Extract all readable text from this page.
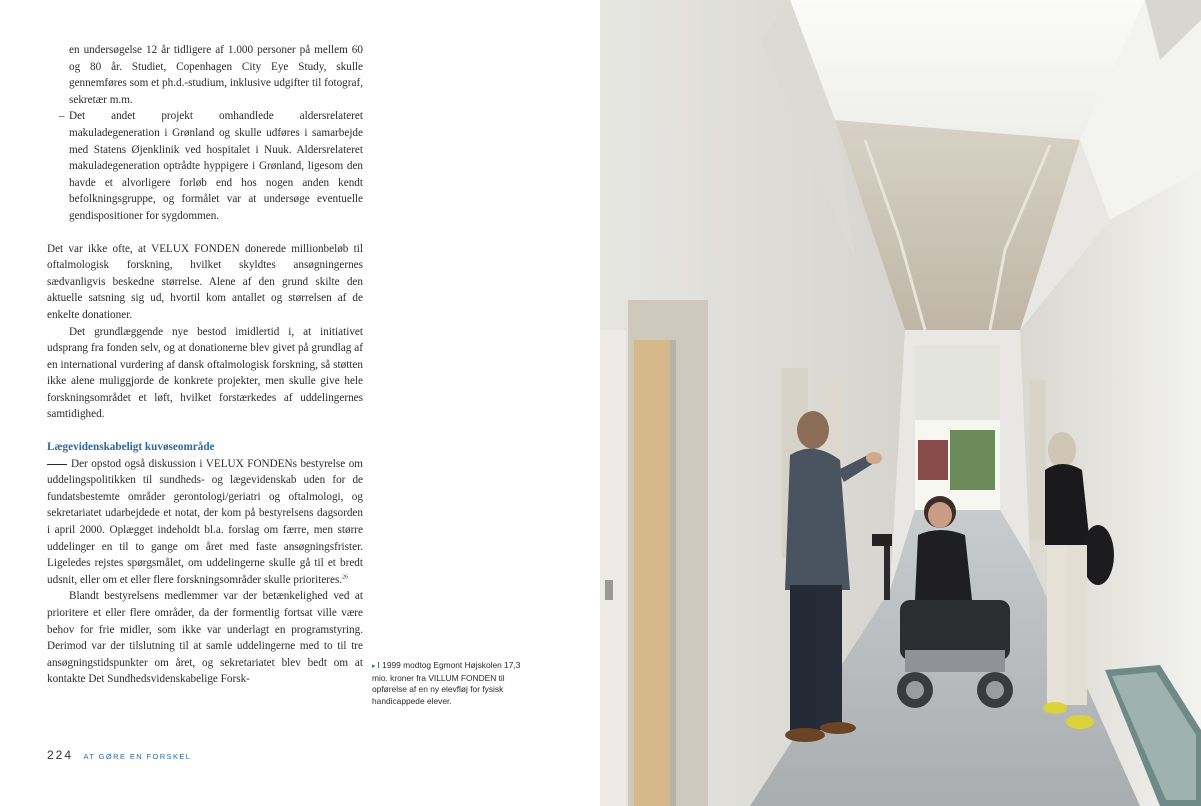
en undersøgelse 12 år tidligere af 1.000 personer på mellem 60 og 80 år. Studiet, Copenhagen City Eye Study, skulle gennemføres som et ph.d.-studium, inklusive udgifter til fotograf, sekretær m.m.

– Det andet projekt omhandlede aldersrelateret makuladegeneration i Grønland og skulle udføres i samarbejde med Statens Øjenklinik ved hospitalet i Nuuk. Aldersrelateret makuladegeneration optrådte hyppigere i Grønland, ligesom den havde et alvorligere forløb end hos nogen anden kendt befolkningsgruppe, og formålet var at undersøge eventuelle gendispositioner for sygdommen.

Det var ikke ofte, at VELUX FONDEN donerede millionbeløb til oftalmologisk forskning, hvilket skyldtes ansøgningernes sædvanligvis beskedne størrelse. Alene af den grund skilte den aktuelle satsning sig ud, hvortil kom antallet og størrelsen af de enkelte donationer.

Det grundlæggende nye bestod imidlertid i, at initiativet udsprang fra fonden selv, og at donationerne blev givet på grundlag af en international vurdering af dansk oftalmologisk forskning, så støtten ikke alene muliggjorde de konkrete projekter, men skulle give hele forskningsområdet et løft, hvilket forstærkedes af uddelingernes samtidighed.

Lægevidenskabeligt kuvøseområde

Der opstod også diskussion i VELUX FONDENs bestyrelse om uddelingspolitikken til sundheds- og lægevidenskab uden for de fundatsbestemte områder gerontologi/geriatri og oftalmologi, og sekretariatet udarbejdede et notat, der kom på bestyrelsens dagsorden i april 2000. Oplægget indeholdt bl.a. forslag om færre, men større uddelinger en til to gange om året med faste ansøgningsfrister. Ligeledes rejstes spørgsmålet, om uddelingerne skulle gå til et bredt udsnit, eller om et eller flere forskningsområder skulle prioriteres.$^{26}$

Blandt bestyrelsens medlemmer var der betænkelighed ved at prioritere et eller flere områder, da der formentlig fortsat ville være behov for frie midler, som ikke var underlagt en programstyring. Derimod var der tilslutning til at samle uddelingerne med to til tre ansøgningstidspunkter om året, og sekretariatet blev bedt om at kontakte Det Sundhedsvidenskabelige Forsk-

▸ I 1999 modtog Egmont Højskolen 17,3 mio. kroner fra VILLUM FONDEN til opførelse af en ny elevfløj for fysisk handicappede elever.
224 AT GØRE EN FORSKEL
